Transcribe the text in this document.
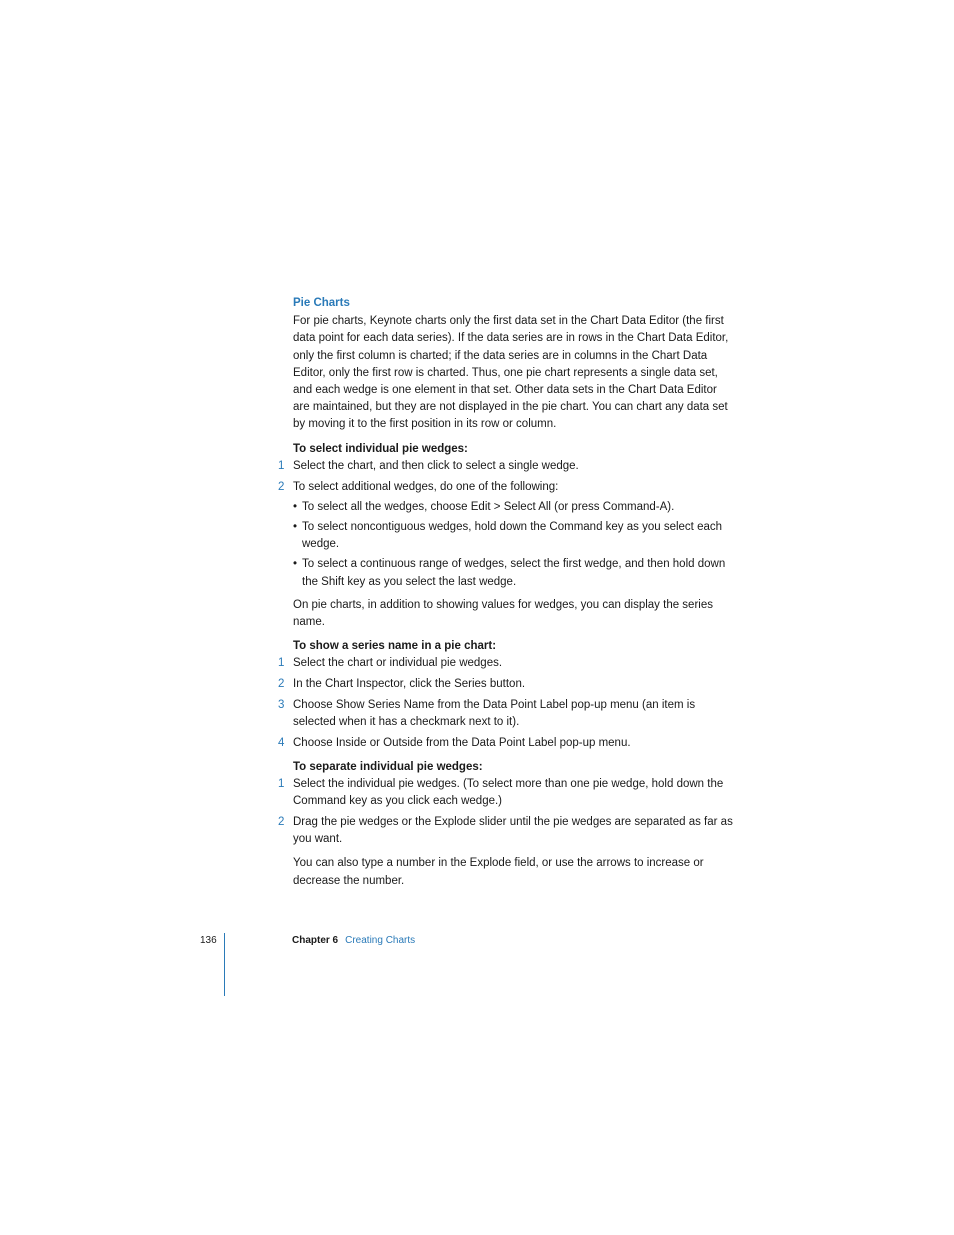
Pie Charts

For pie charts, Keynote charts only the first data set in the Chart Data Editor (the first data point for each data series). If the data series are in rows in the Chart Data Editor, only the first column is charted; if the data series are in columns in the Chart Data Editor, only the first row is charted. Thus, one pie chart represents a single data set, and each wedge is one element in that set. Other data sets in the Chart Data Editor are maintained, but they are not displayed in the pie chart. You can chart any data set by moving it to the first position in its row or column.

To select individual pie wedges:
1 Select the chart, and then click to select a single wedge.
2 To select additional wedges, do one of the following:
• To select all the wedges, choose Edit > Select All (or press Command-A).
• To select noncontiguous wedges, hold down the Command key as you select each wedge.
• To select a continuous range of wedges, select the first wedge, and then hold down the Shift key as you select the last wedge.

On pie charts, in addition to showing values for wedges, you can display the series name.

To show a series name in a pie chart:
1 Select the chart or individual pie wedges.
2 In the Chart Inspector, click the Series button.
3 Choose Show Series Name from the Data Point Label pop-up menu (an item is selected when it has a checkmark next to it).
4 Choose Inside or Outside from the Data Point Label pop-up menu.
To separate individual pie wedges:
1 Select the individual pie wedges. (To select more than one pie wedge, hold down the Command key as you click each wedge.)
2 Drag the pie wedges or the Explode slider until the pie wedges are separated as far as you want.

You can also type a number in the Explode field, or use the arrows to increase or decrease the number.

136	Chapter 6 Creating Charts
